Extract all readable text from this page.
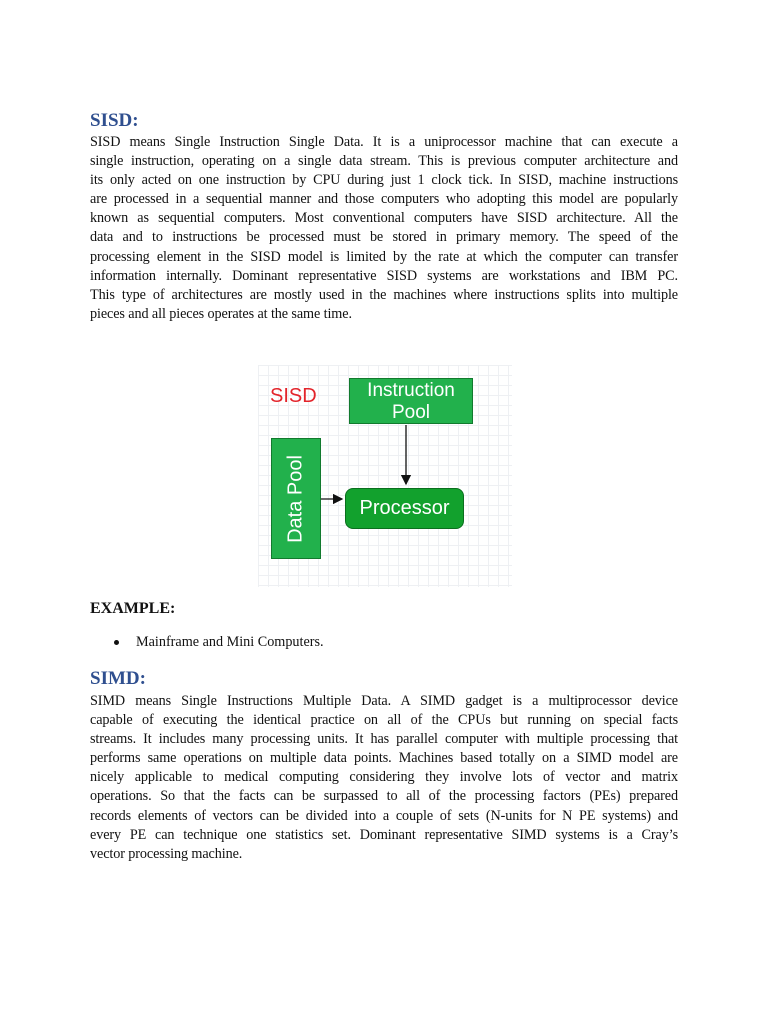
SISD:
SISD means Single Instruction Single Data. It is a uniprocessor machine that can execute a
single instruction, operating on a single data stream. This is previous computer architecture and
its only acted on one instruction by CPU during just 1 clock tick. In SISD, machine instructions
are processed in a sequential manner and those computers who adopting this model are popularly
known as sequential computers. Most conventional computers have SISD architecture. All the
data and to instructions be processed must be stored in primary memory. The speed of the
processing element in the SISD model is limited by the rate at which the computer can transfer
information internally. Dominant representative SISD systems are workstations and IBM PC.
This type of architectures are mostly used in the machines where instructions splits into multiple
pieces and all pieces operates at the same time.
EXAMPLE:
Mainframe and Mini Computers.
SIMD:
SIMD means Single Instructions Multiple Data. A SIMD gadget is a multiprocessor device
capable of executing the identical practice on all of the CPUs but running on special facts
streams. It includes many processing units. It has parallel computer with multiple processing that
performs same operations on multiple data points. Machines based totally on a SIMD model are
nicely applicable to medical computing considering they involve lots of vector and matrix
operations. So that the facts can be surpassed to all of the processing factors (PEs) prepared
records elements of vectors can be divided into a couple of sets (N-units for N PE systems) and
every PE can technique one statistics set. Dominant representative SIMD systems is a Cray’s
vector processing machine.
SISD	Instruction
Pool
Data Pool	Processor
